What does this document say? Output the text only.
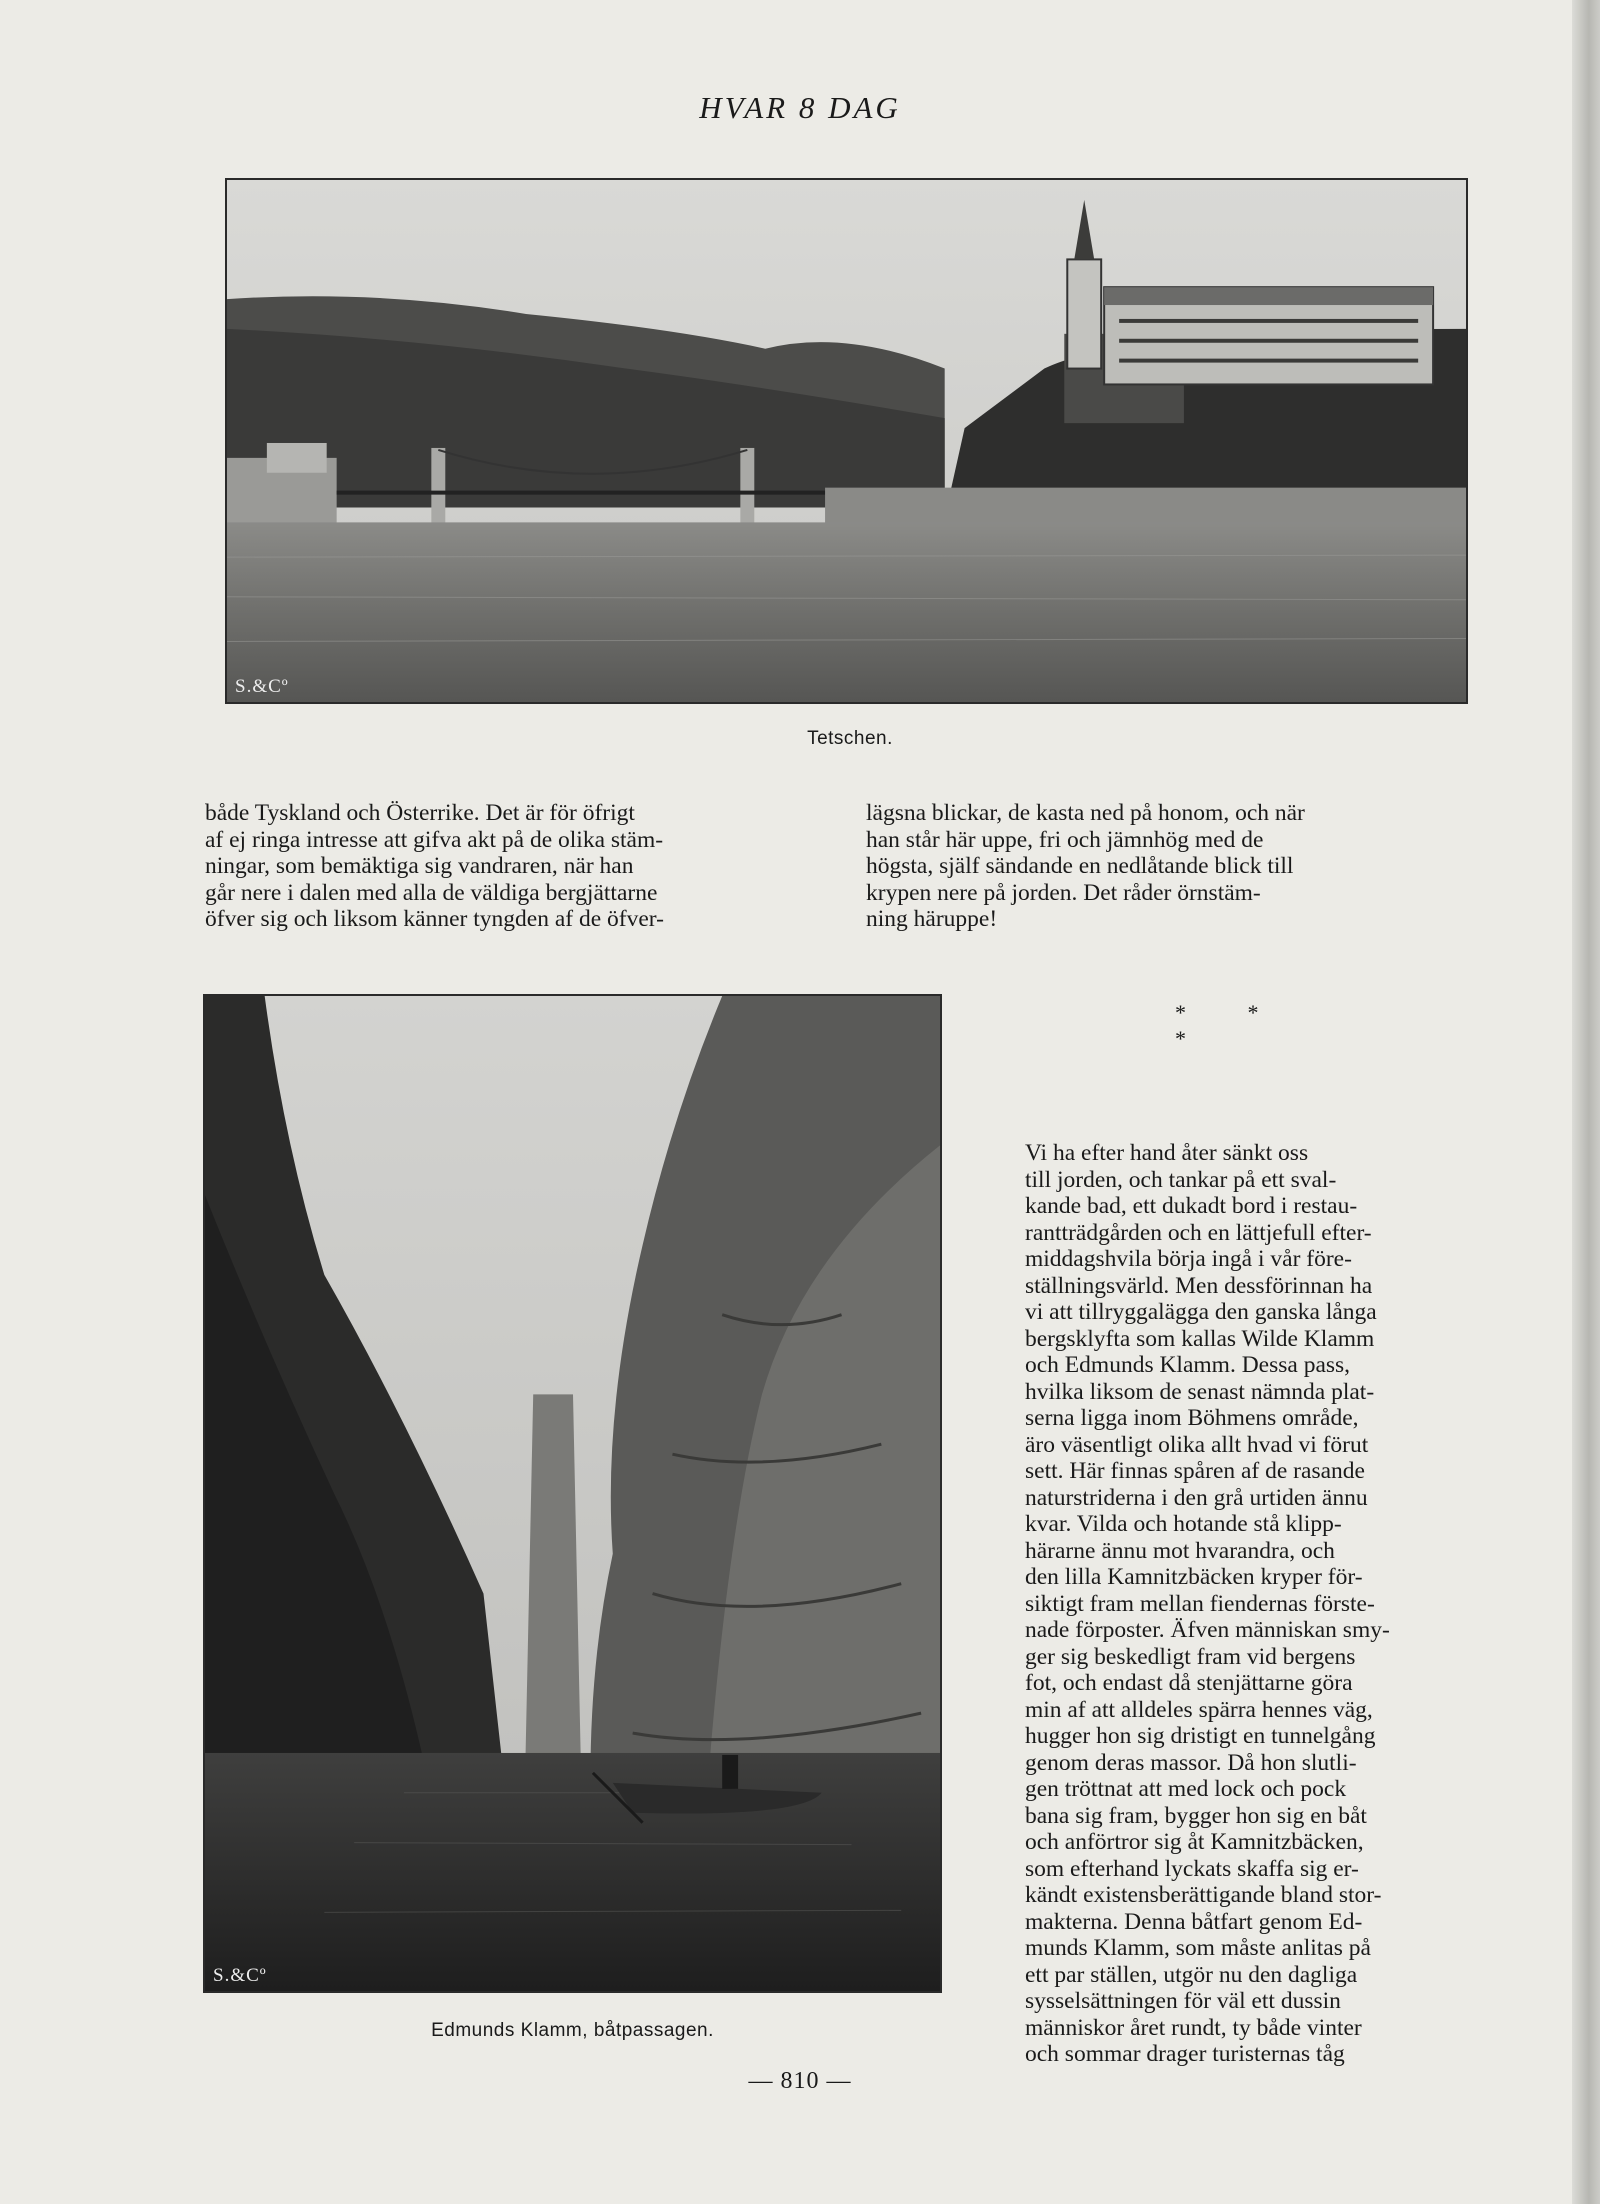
HVAR 8 DAG
S.&Cº
Tetschen.
både Tyskland och Österrike. Det är för öfrigt
af ej ringa intresse att gifva akt på de olika stäm-
ningar, som bemäktiga sig vandraren, när han
går nere i dalen med alla de väldiga bergjättarne
öfver sig och liksom känner tyngden af de öfver-
lägsna blickar, de kasta ned på honom, och när
han står här uppe, fri och jämnhög med de
högsta, själf sändande en nedlåtande blick till
krypen nere på jorden. Det råder örnstäm-
ning häruppe!
S.&Cº
Edmunds Klamm, båtpassagen.
* * *
Vi ha efter hand åter sänkt oss
till jorden, och tankar på ett sval-
kande bad, ett dukadt bord i restau-
rantträdgården och en lättjefull efter-
middagshvila börja ingå i vår före-
ställningsvärld. Men dessförinnan ha
vi att tillryggalägga den ganska långa
bergsklyfta som kallas Wilde Klamm
och Edmunds Klamm. Dessa pass,
hvilka liksom de senast nämnda plat-
serna ligga inom Böhmens område,
äro väsentligt olika allt hvad vi förut
sett. Här finnas spåren af de rasande
naturstriderna i den grå urtiden ännu
kvar. Vilda och hotande stå klipp-
härarne ännu mot hvarandra, och
den lilla Kamnitzbäcken kryper för-
siktigt fram mellan fiendernas förste-
nade förposter. Äfven människan smy-
ger sig beskedligt fram vid bergens
fot, och endast då stenjättarne göra
min af att alldeles spärra hennes väg,
hugger hon sig dristigt en tunnelgång
genom deras massor. Då hon slutli-
gen tröttnat att med lock och pock
bana sig fram, bygger hon sig en båt
och anförtror sig åt Kamnitzbäcken,
som efterhand lyckats skaffa sig er-
kändt existensberättigande bland stor-
makterna. Denna båtfart genom Ed-
munds Klamm, som måste anlitas på
ett par ställen, utgör nu den dagliga
sysselsättningen för väl ett dussin
människor året rundt, ty både vinter
och sommar drager turisternas tåg
— 810 —
